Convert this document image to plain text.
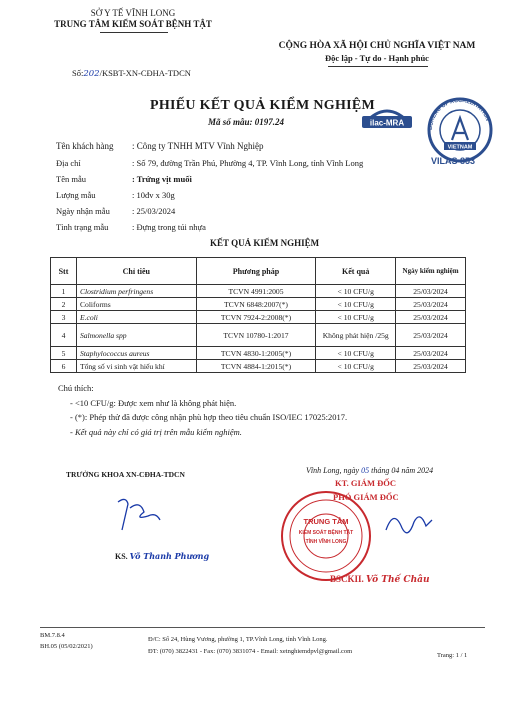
SỞ Y TẾ VĨNH LONG
TRUNG TÂM KIỂM SOÁT BỆNH TẬT
Số:202/KSBT-XN-CĐHA-TDCN
CỘNG HÒA XÃ HỘI CHỦ NGHĨA VIỆT NAM
Độc lập - Tự do - Hạnh phúc
ilac-MRA
BUREAU OF ACCREDITATION
VIETNAM
VILAS 853
PHIẾU KẾT QUẢ KIỂM NGHIỆM
Mã số mẫu: 0197.24
Tên khách hàng : Công ty TNHH MTV Vĩnh Nghiệp
Địa chỉ	: Số 79, đường Trần Phú, Phường 4, TP. Vĩnh Long, tỉnh Vĩnh Long
Tên mẫu	: Trứng vịt muối
Lượng mẫu	: 10đv x 30g
Ngày nhận mẫu	: 25/03/2024
Tình trạng mẫu	: Đựng trong túi nhựa
KẾT QUẢ KIỂM NGHIỆM
Stt	Chỉ tiêu	Phương pháp	Kết quả	Ngày kiểm nghiệm
1	Clostridium perfringens	TCVN 4991:2005	< 10 CFU/g	25/03/2024
2	Coliforms	TCVN 6848:2007(*)	< 10 CFU/g	25/03/2024
3	E.coli	TCVN 7924-2:2008(*)	< 10 CFU/g	25/03/2024
4	Salmonella spp	TCVN 10780-1:2017	Không phát hiện /25g	25/03/2024
5	Staphylococcus aureus	TCVN 4830-1:2005(*)	< 10 CFU/g	25/03/2024
6	Tổng số vi sinh vật hiếu khí	TCVN 4884-1:2015(*)	< 10 CFU/g	25/03/2024
Chú thích:
- <10 CFU/g: Được xem như là không phát hiện.
- (*): Phép thử đã được công nhận phù hợp theo tiêu chuẩn ISO/IEC 17025:2017.
- Kết quả này chỉ có giá trị trên mẫu kiểm nghiệm.
TRƯỞNG KHOA XN-CĐHA-TDCN
KS. Võ Thanh Phương
Vĩnh Long, ngày 05 tháng 04 năm 2024
KT. GIÁM ĐỐC
PHÓ GIÁM ĐỐC
TRUNG TÂM
KIỂM SOÁT BỆNH TẬT
TỈNH VĨNH LONG
BSCKII. Võ Thế Châu
BM.7.8.4
BH.05 (05/02/2021)
Đ/C: Số 24, Hùng Vương, phường 1, TP.Vĩnh Long, tỉnh Vĩnh Long.
ĐT: (070) 3822431 - Fax: (070) 3831074 - Email: xetnghiemdpvl@gmail.com
Trang: 1 / 1
